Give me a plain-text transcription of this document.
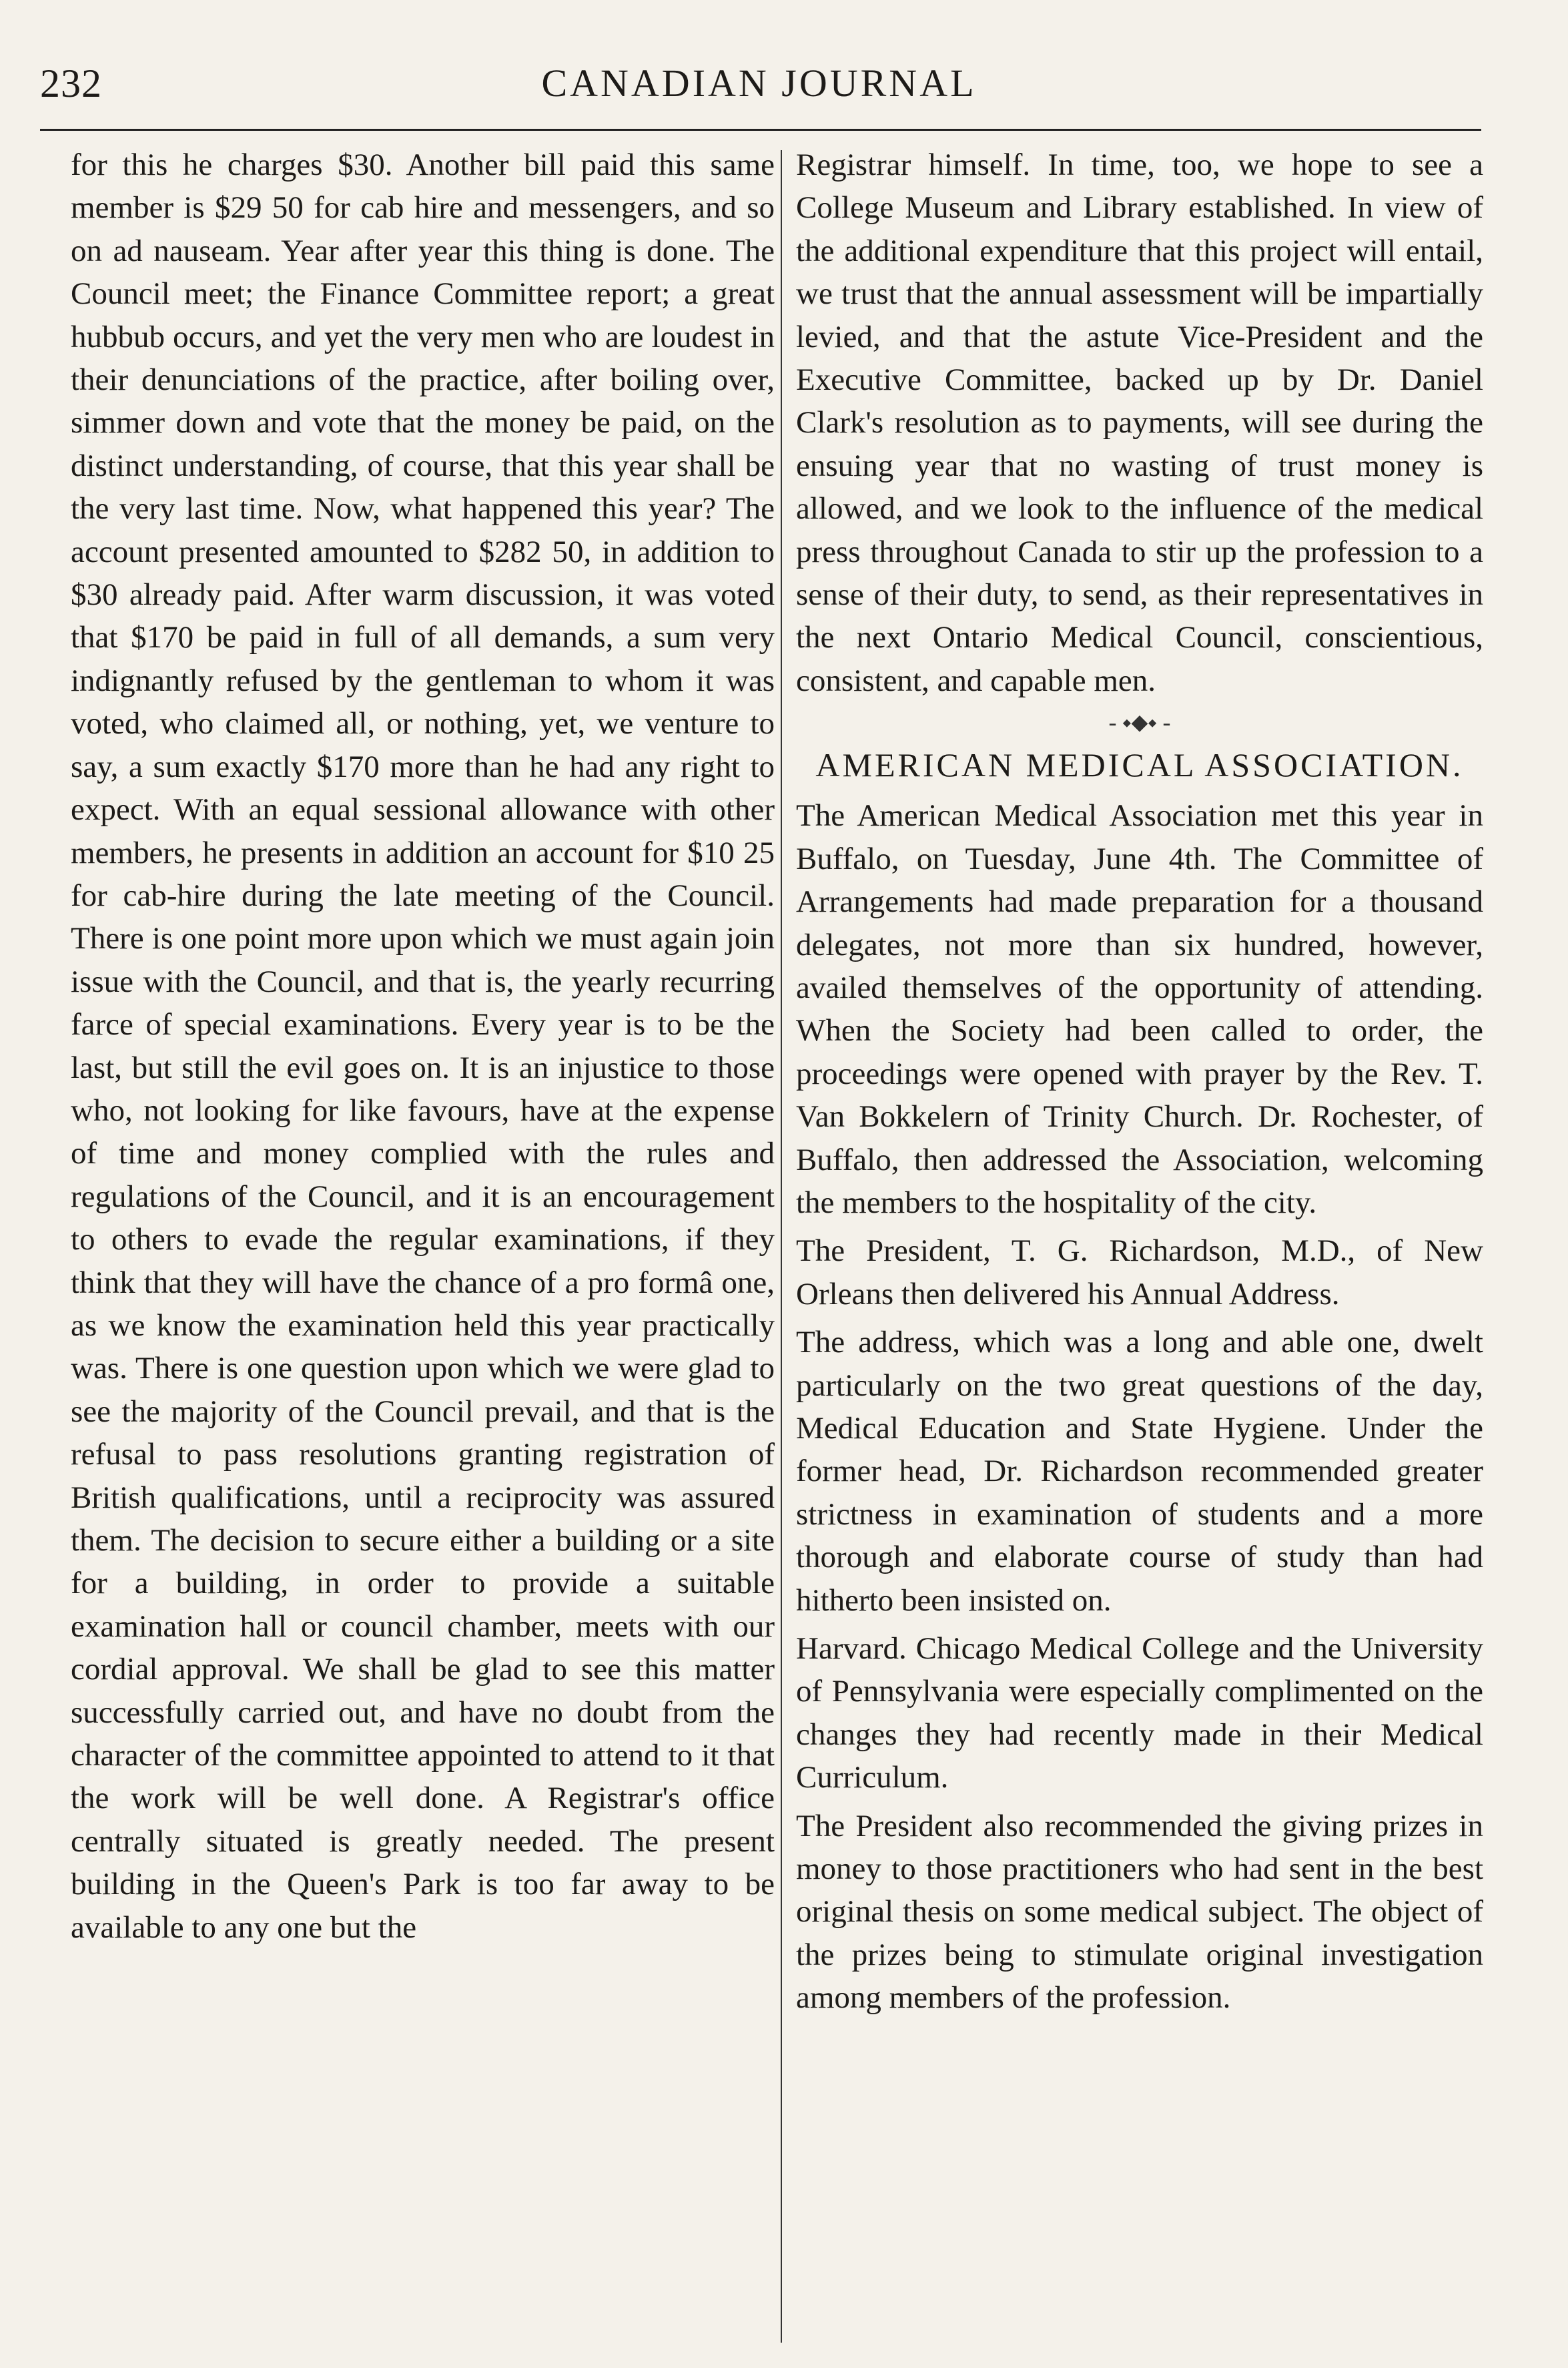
232	CANADIAN JOURNAL

for this he charges $30. Another bill paid this same member is $29 50 for cab hire and messengers, and so on ad nauseam. Year after year this thing is done. The Council meet; the Finance Committee report; a great hubbub occurs, and yet the very men who are loudest in their denunciations of the practice, after boiling over, simmer down and vote that the money be paid, on the distinct understanding, of course, that this year shall be the very last time. Now, what happened this year? The account presented amounted to $282 50, in addition to $30 already paid. After warm discussion, it was voted that $170 be paid in full of all demands, a sum very indignantly refused by the gentleman to whom it was voted, who claimed all, or nothing, yet, we venture to say, a sum exactly $170 more than he had any right to expect. With an equal sessional allowance with other members, he presents in addition an account for $10 25 for cab-hire during the late meeting of the Council. There is one point more upon which we must again join issue with the Council, and that is, the yearly recurring farce of special examinations. Every year is to be the last, but still the evil goes on. It is an injustice to those who, not looking for like favours, have at the expense of time and money complied with the rules and regulations of the Council, and it is an encouragement to others to evade the regular examinations, if they think that they will have the chance of a pro formâ one, as we know the examination held this year practically was. There is one question upon which we were glad to see the majority of the Council prevail, and that is the refusal to pass resolutions granting registration of British qualifications, until a reciprocity was assured them. The decision to secure either a building or a site for a building, in order to provide a suitable examination hall or council chamber, meets with our cordial approval. We shall be glad to see this matter successfully carried out, and have no doubt from the character of the committee appointed to attend to it that the work will be well done. A Registrar's office centrally situated is greatly needed. The present building in the Queen's Park is too far away to be available to any one but the

Registrar himself. In time, too, we hope to see a College Museum and Library established. In view of the additional expenditure that this project will entail, we trust that the annual assessment will be impartially levied, and that the astute Vice-President and the Executive Committee, backed up by Dr. Daniel Clark's resolution as to payments, will see during the ensuing year that no wasting of trust money is allowed, and we look to the influence of the medical press throughout Canada to stir up the profession to a sense of their duty, to send, as their representatives in the next Ontario Medical Council, conscientious, consistent, and capable men.

- ⬩⬥⬩ -

AMERICAN MEDICAL ASSOCIATION.

The American Medical Association met this year in Buffalo, on Tuesday, June 4th. The Committee of Arrangements had made preparation for a thousand delegates, not more than six hundred, however, availed themselves of the opportunity of attending. When the Society had been called to order, the proceedings were opened with prayer by the Rev. T. Van Bokkelern of Trinity Church. Dr. Rochester, of Buffalo, then addressed the Association, welcoming the members to the hospitality of the city.

The President, T. G. Richardson, M.D., of New Orleans then delivered his Annual Address.

The address, which was a long and able one, dwelt particularly on the two great questions of the day, Medical Education and State Hygiene. Under the former head, Dr. Richardson recommended greater strictness in examination of students and a more thorough and elaborate course of study than had hitherto been insisted on.

Harvard. Chicago Medical College and the University of Pennsylvania were especially complimented on the changes they had recently made in their Medical Curriculum.

The President also recommended the giving prizes in money to those practitioners who had sent in the best original thesis on some medical subject. The object of the prizes being to stimulate original investigation among members of the profession.
